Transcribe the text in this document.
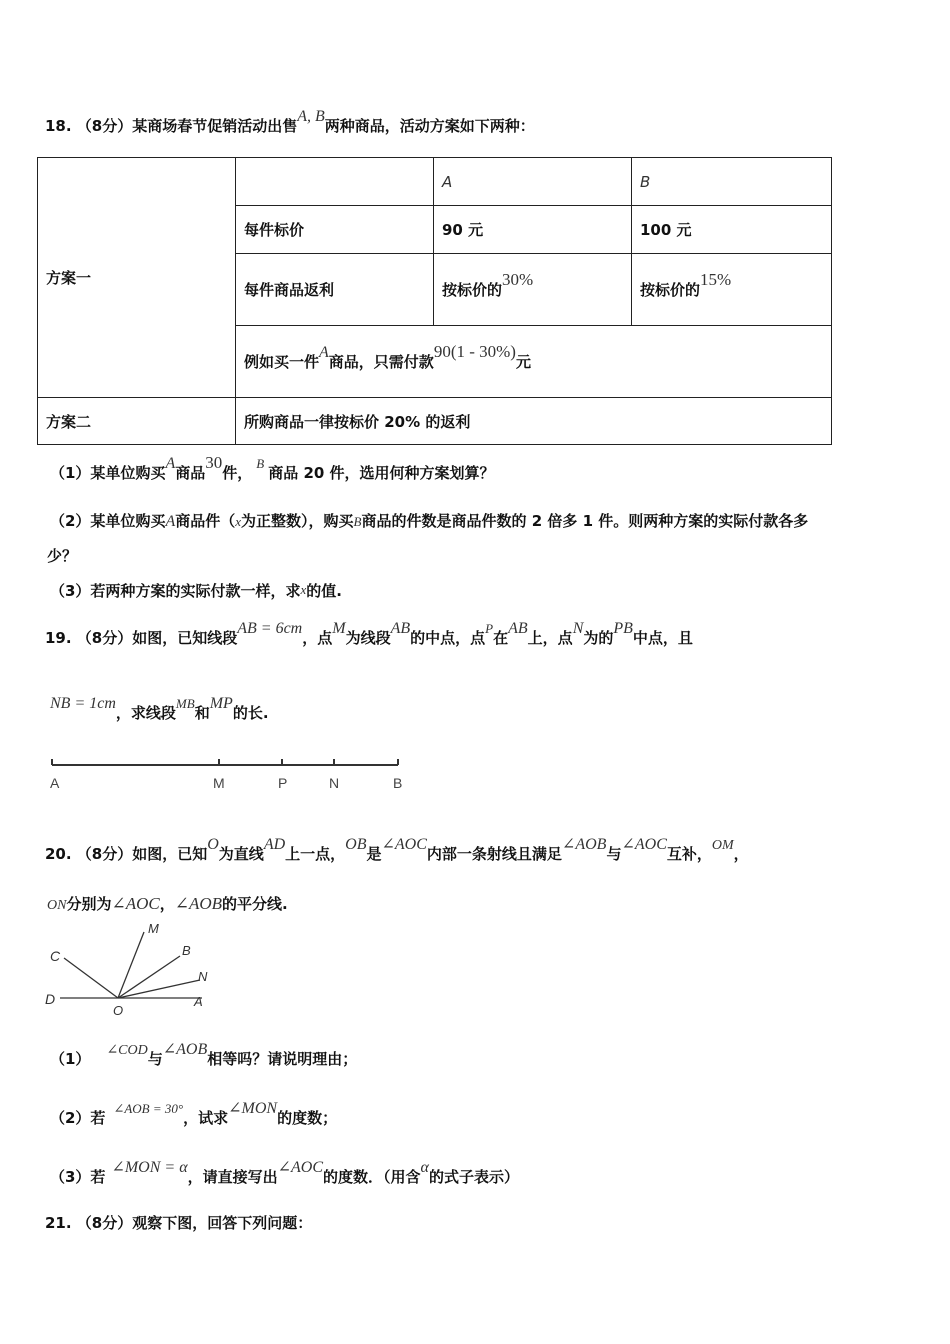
18. （8分）某商场春节促销活动出售
A, B
两种商品，活动方案如下两种：
方案一		A	B
	每件标价	90 元	100 元
	每件商品返利	按标价的30%	按标价的15%
	例如买一件A商品，只需付款90(1 - 30%)元		
方案二	所购商品一律按标价 20% 的返利		
（1）某单位购买
A
商品
30
件，
B
商品 20 件，选用何种方案划算？
（2）某单位购买 A 商品件（ x 为正整数），购买 B 商品的件数是商品件数的 2 倍多 1 件。则两种方案的实际付款各多
少？
（3）若两种方案的实际付款一样，求 x 的值.
19. （8分）如图，已知线段
AB = 6cm
，点
M
为线段
AB
的中点，点
P
在
AB
上，点
N
为的
PB
中点，且
NB = 1cm
，求线段
MB
和
MP
的长.
A	M	P	N	B
20. （8分）如图，已知
O
为直线
AD
上一点，
OB
是
∠AOC
内部一条射线且满足
∠AOB
与
∠AOC
互补， OM ，
ON 分别为 ∠AOC ， ∠AOB 的平分线.
C
M
B
N
D
O
A
（1） ∠COD 与
∠AOB
相等吗？请说明理由；
（2）若
∠AOB = 30°
，试求
∠MON
的度数；
（3）若
∠MON = α
，请直接写出
∠AOC
的度数．（用含
α
的式子表示）
21. （8分）观察下图，回答下列问题：
